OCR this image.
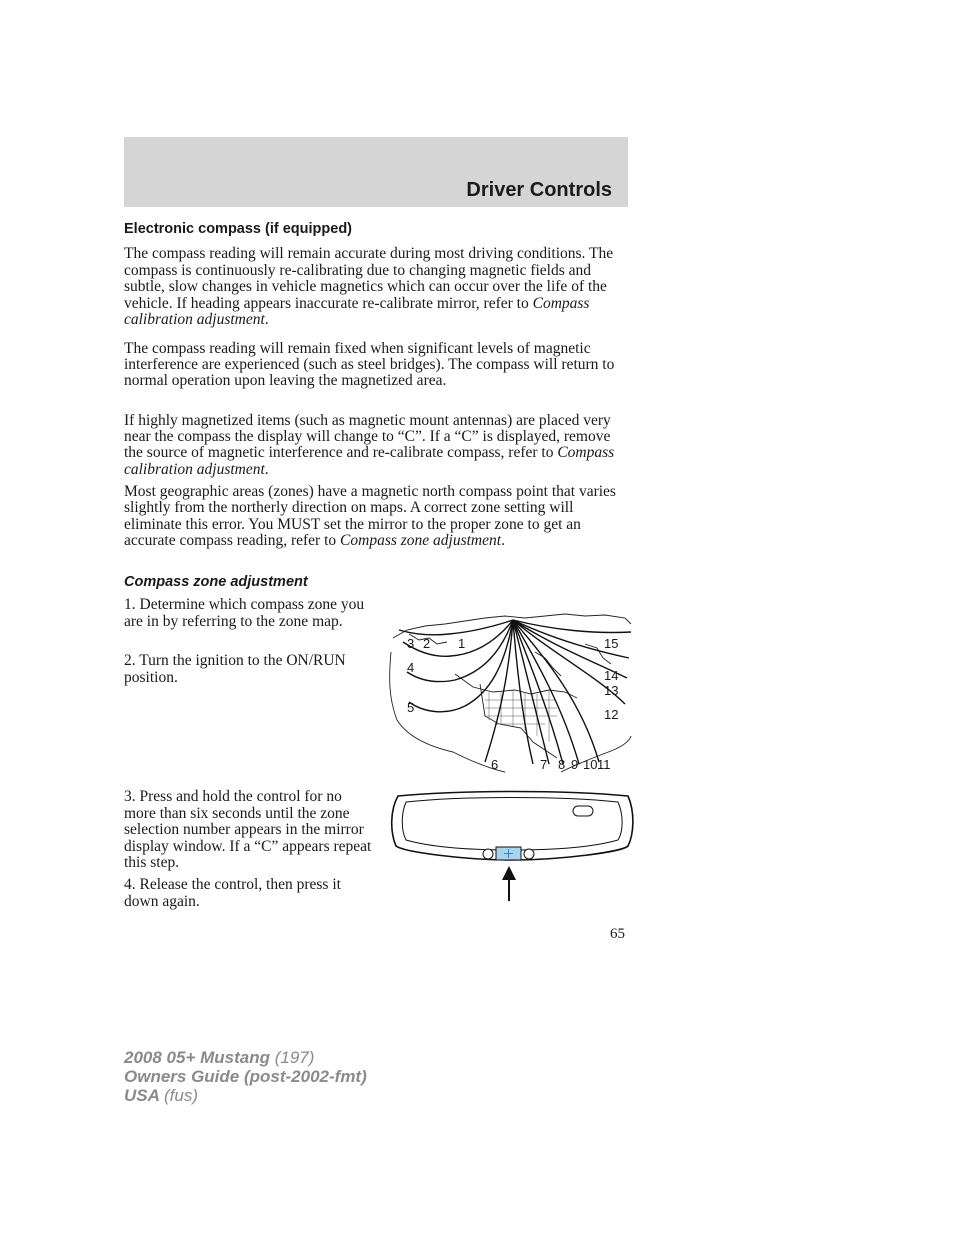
Driver Controls
Electronic compass (if equipped)

The compass reading will remain accurate during most driving conditions. The compass is continuously re-calibrating due to changing magnetic fields and subtle, slow changes in vehicle magnetics which can occur over the life of the vehicle. If heading appears inaccurate re-calibrate mirror, refer to Compass calibration adjustment.

The compass reading will remain fixed when significant levels of magnetic interference are experienced (such as steel bridges). The compass will return to normal operation upon leaving the magnetized area.

If highly magnetized items (such as magnetic mount antennas) are placed very near the compass the display will change to “C”. If a “C” is displayed, remove the source of magnetic interference and re-calibrate compass, refer to Compass calibration adjustment.

Most geographic areas (zones) have a magnetic north compass point that varies slightly from the northerly direction on maps. A correct zone setting will eliminate this error. You MUST set the mirror to the proper zone to get an accurate compass reading, refer to Compass zone adjustment.

Compass zone adjustment

1. Determine which compass zone you are in by referring to the zone map.

2. Turn the ignition to the ON/RUN position.

3. Press and hold the control for no more than six seconds until the zone selection number appears in the mirror display window. If a “C” appears repeat this step.

4. Release the control, then press it down again.

3 2 1
4
5
6	7 8 9 10 11
12
13
14
15
65
2008 05+ Mustang (197)
Owners Guide (post-2002-fmt)
USA (fus)
